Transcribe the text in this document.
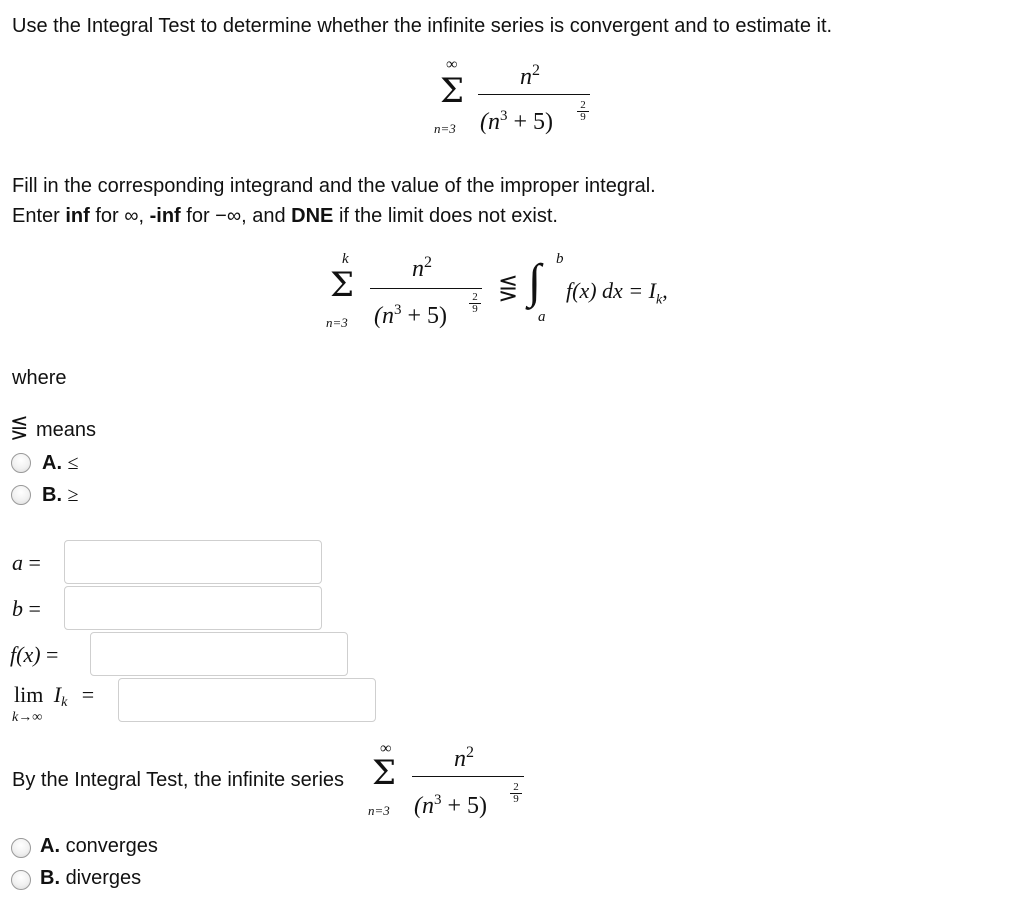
Use the Integral Test to determine whether the infinite series is convergent and to estimate it.
∞
Σ
n=3
$n^2$
$(n^3 + 5)$
2
9
Fill in the corresponding integrand and the value of the improper integral.
Enter inf for ∞, -inf for −∞, and DNE if the limit does not exist.
k
Σ
n=3
$n^2$
$(n^3 + 5)$
2
9
⋚ ∫ b
a
f(x) dx = $I_k$,
where
⋚ means
A. ≤
B. ≥
a =
b =
f(x) =
$\lim I_k$ =
k→∞
By the Integral Test, the infinite series
∞
Σ
n=3
$n^2$
$(n^3 + 5)$
2
9
A. converges
B. diverges
